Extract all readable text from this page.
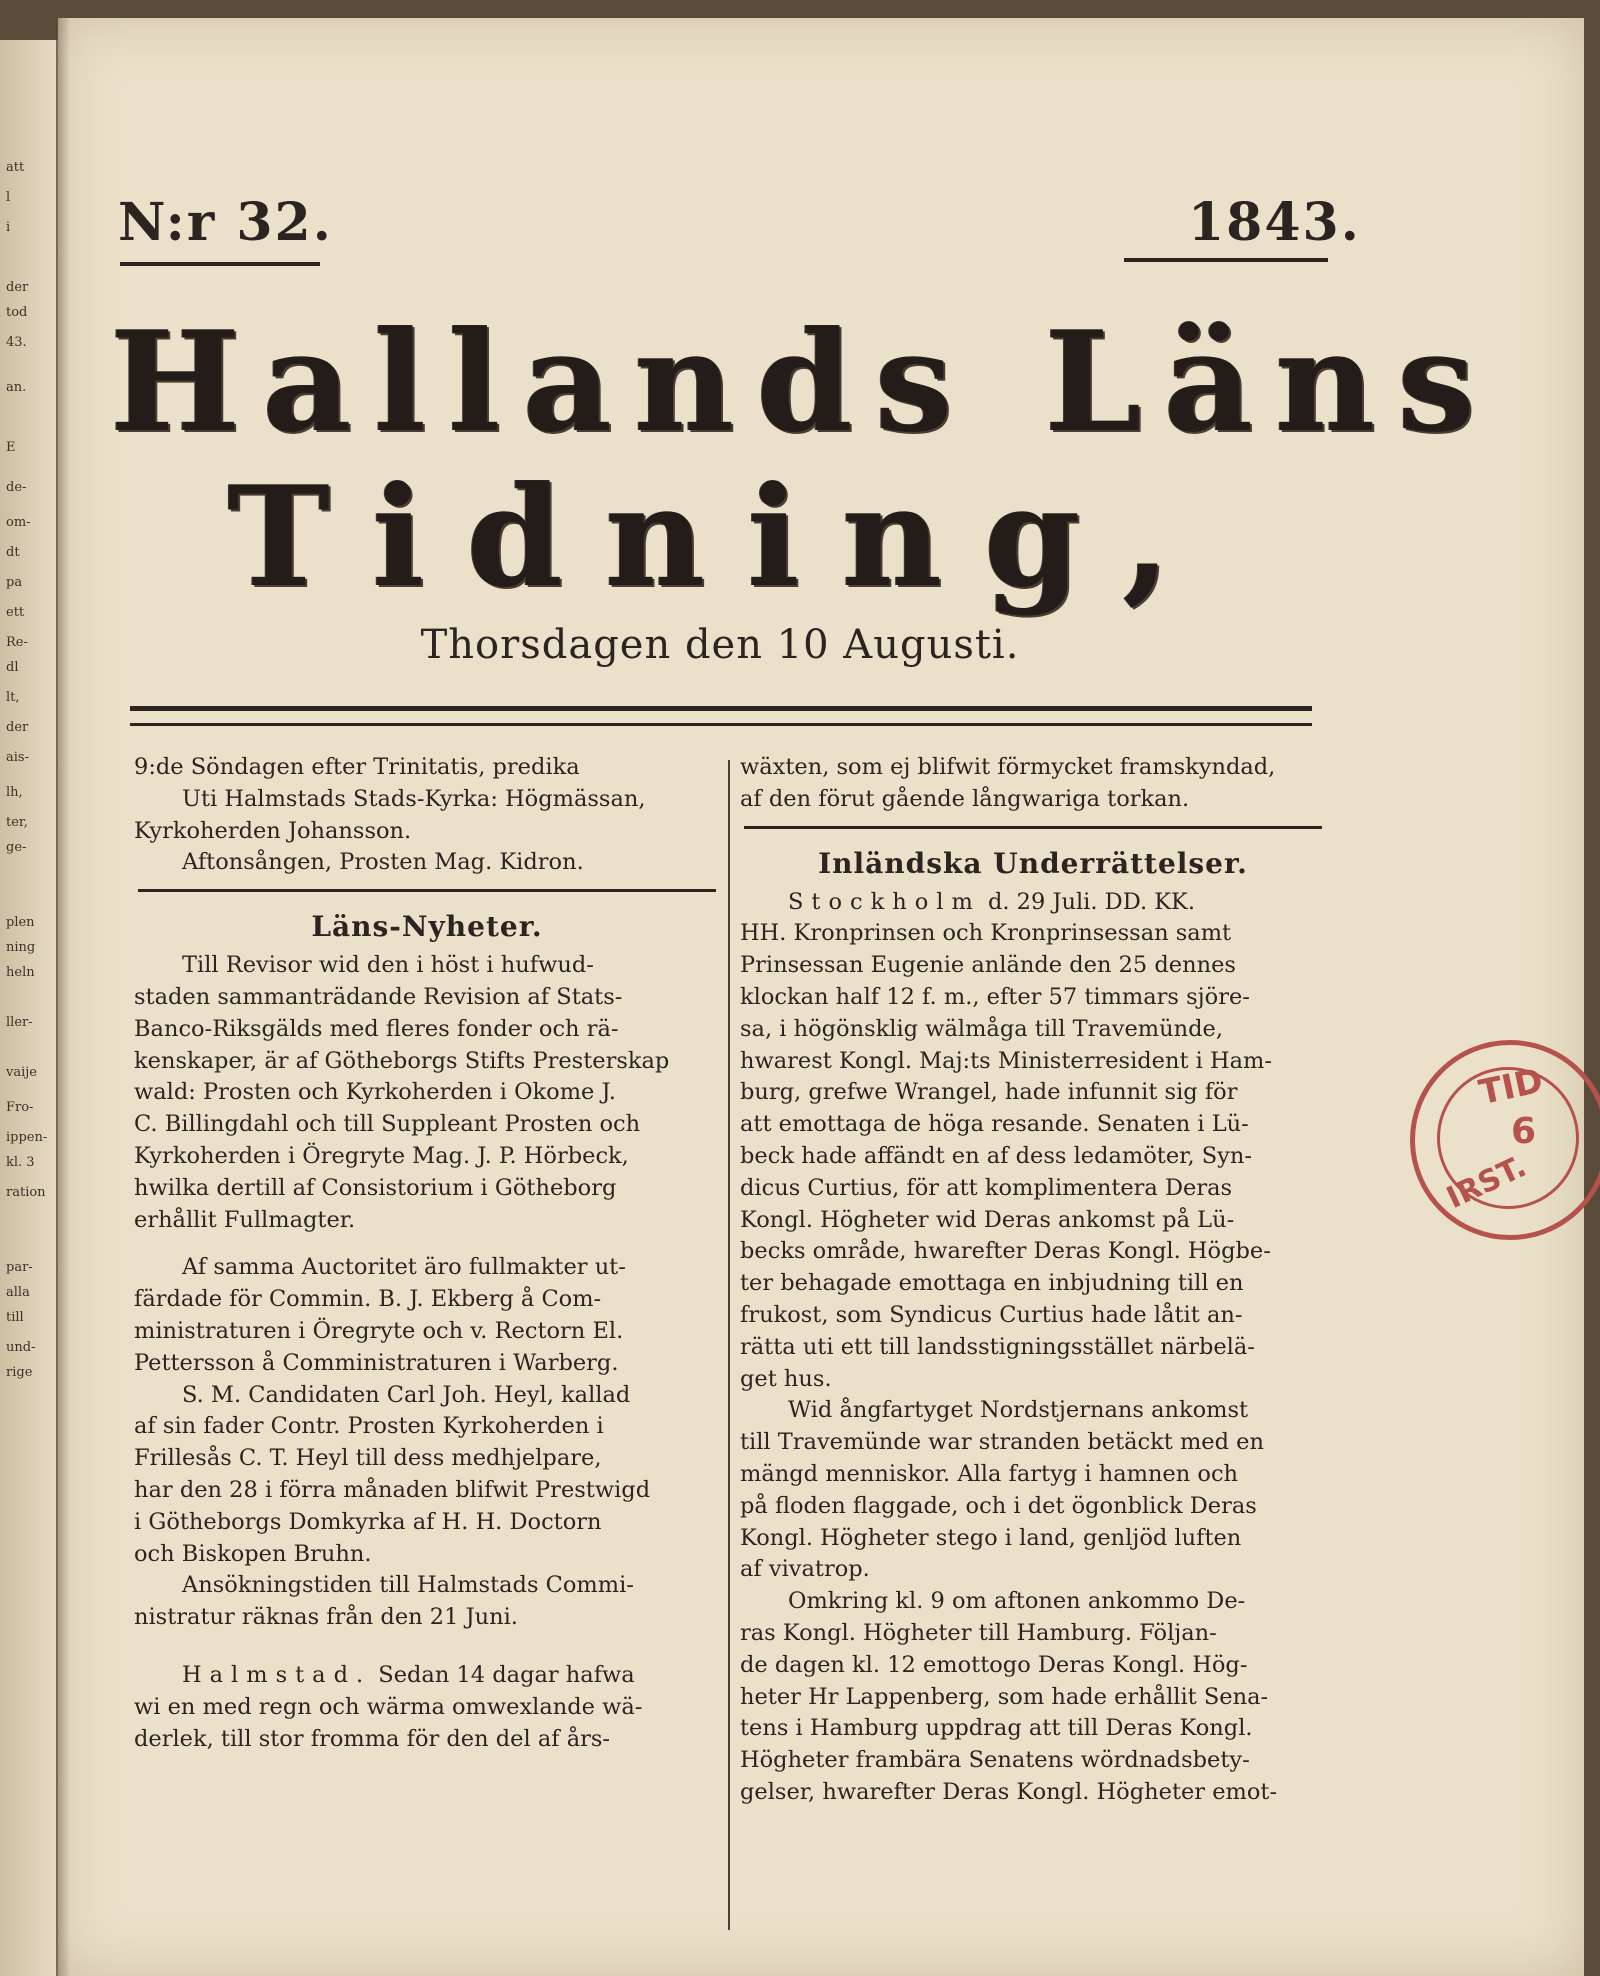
att
l
i
der
tod
43.
an.
E
de-
om-
dt
pa
ett
Re-
dl
lt,
der
ais-
lh,
ter,
ge-
plen
ning
heln
ller-
vaije
Fro-
ippen-
kl. 3
ration
par-
alla
till
und-
rige
N:r 32.	1843.
Hallands Läns
Tidning,
Thorsdagen den 10 Augusti.
9:de Söndagen efter Trinitatis, predika
Uti Halmstads Stads-Kyrka: Högmässan,
Kyrkoherden Johansson.
Aftonsången, Prosten Mag. Kidron.
Läns-Nyheter.
Till Revisor wid den i höst i hufwud-
staden sammanträdande Revision af Stats-
Banco-Riksgälds med fleres fonder och rä-
kenskaper, är af Götheborgs Stifts Presterskap
wald: Prosten och Kyrkoherden i Okome J.
C. Billingdahl och till Suppleant Prosten och
Kyrkoherden i Öregryte Mag. J. P. Hörbeck,
hwilka dertill af Consistorium i Götheborg
erhållit Fullmagter.
Af samma Auctoritet äro fullmakter ut-
färdade för Commin. B. J. Ekberg å Com-
ministraturen i Öregryte och v. Rectorn El.
Pettersson å Comministraturen i Warberg.
S. M. Candidaten Carl Joh. Heyl, kallad
af sin fader Contr. Prosten Kyrkoherden i
Frillesås C. T. Heyl till dess medhjelpare,
har den 28 i förra månaden blifwit Prestwigd
i Götheborgs Domkyrka af H. H. Doctorn
och Biskopen Bruhn.
Ansökningstiden till Halmstads Commi-
nistratur räknas från den 21 Juni.
Halmstad. Sedan 14 dagar hafwa
wi en med regn och wärma omwexlande wä-
derlek, till stor fromma för den del af års-
wäxten, som ej blifwit förmycket framskyndad,
af den förut gående långwariga torkan.
Inländska Underrättelser.
Stockholm d. 29 Juli. DD. KK.
HH. Kronprinsen och Kronprinsessan samt
Prinsessan Eugenie anlände den 25 dennes
klockan half 12 f. m., efter 57 timmars sjöre-
sa, i högönsklig wälmåga till Travemünde,
hwarest Kongl. Maj:ts Ministerresident i Ham-
burg, grefwe Wrangel, hade infunnit sig för
att emottaga de höga resande. Senaten i Lü-
beck hade affändt en af dess ledamöter, Syn-
dicus Curtius, för att komplimentera Deras
Kongl. Högheter wid Deras ankomst på Lü-
becks område, hwarefter Deras Kongl. Högbe-
ter behagade emottaga en inbjudning till en
frukost, som Syndicus Curtius hade låtit an-
rätta uti ett till landsstigningsstället närbelä-
get hus.
Wid ångfartyget Nordstjernans ankomst
till Travemünde war stranden betäckt med en
mängd menniskor. Alla fartyg i hamnen och
på floden flaggade, och i det ögonblick Deras
Kongl. Högheter stego i land, genljöd luften
af vivatrop.
Omkring kl. 9 om aftonen ankommo De-
ras Kongl. Högheter till Hamburg. Följan-
de dagen kl. 12 emottogo Deras Kongl. Hög-
heter Hr Lappenberg, som hade erhållit Sena-
tens i Hamburg uppdrag att till Deras Kongl.
Högheter frambära Senatens wördnadsbety-
gelser, hwarefter Deras Kongl. Högheter emot-
TID
6
IRST.
